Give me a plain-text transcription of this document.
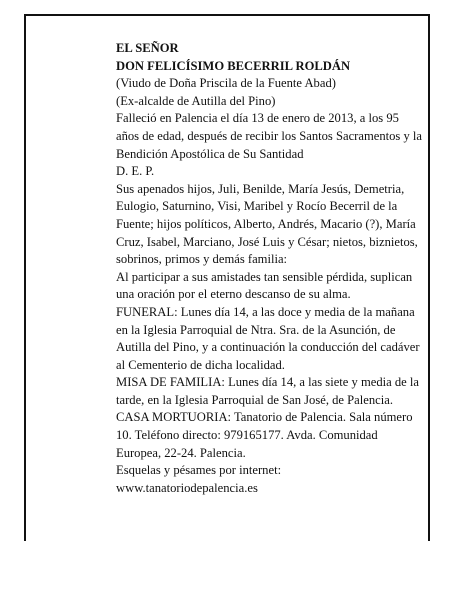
EL SEÑOR

DON FELICÍSIMO BECERRIL ROLDÁN

(Viudo de Doña Priscila de la Fuente Abad)

(Ex-alcalde de Autilla del Pino)

Falleció en Palencia el día 13 de enero de 2013, a los 95 años de edad, después de recibir los Santos Sacramentos y la Bendición Apostólica de Su Santidad

D. E. P.

Sus apenados hijos, Juli, Benilde, María Jesús, Demetria, Eulogio, Saturnino, Visi, Maribel y Rocío Becerril de la Fuente; hijos políticos, Alberto, Andrés, Macario (?), María Cruz, Isabel, Marciano, José Luis y César; nietos, biznietos, sobrinos, primos y demás familia:

Al participar a sus amistades tan sensible pérdida, suplican una oración por el eterno descanso de su alma.

FUNERAL: Lunes día 14, a las doce y media de la mañana en la Iglesia Parroquial de Ntra. Sra. de la Asunción, de Autilla del Pino, y a continuación la conducción del cadáver al Cementerio de dicha localidad.

MISA DE FAMILIA: Lunes día 14, a las siete y media de la tarde, en la Iglesia Parroquial de San José, de Palencia.

CASA MORTUORIA: Tanatorio de Palencia. Sala número 10. Teléfono directo: 979165177. Avda. Comunidad Europea, 22-24. Palencia.

Esquelas y pésames por internet:

www.tanatoriodepalencia.es
